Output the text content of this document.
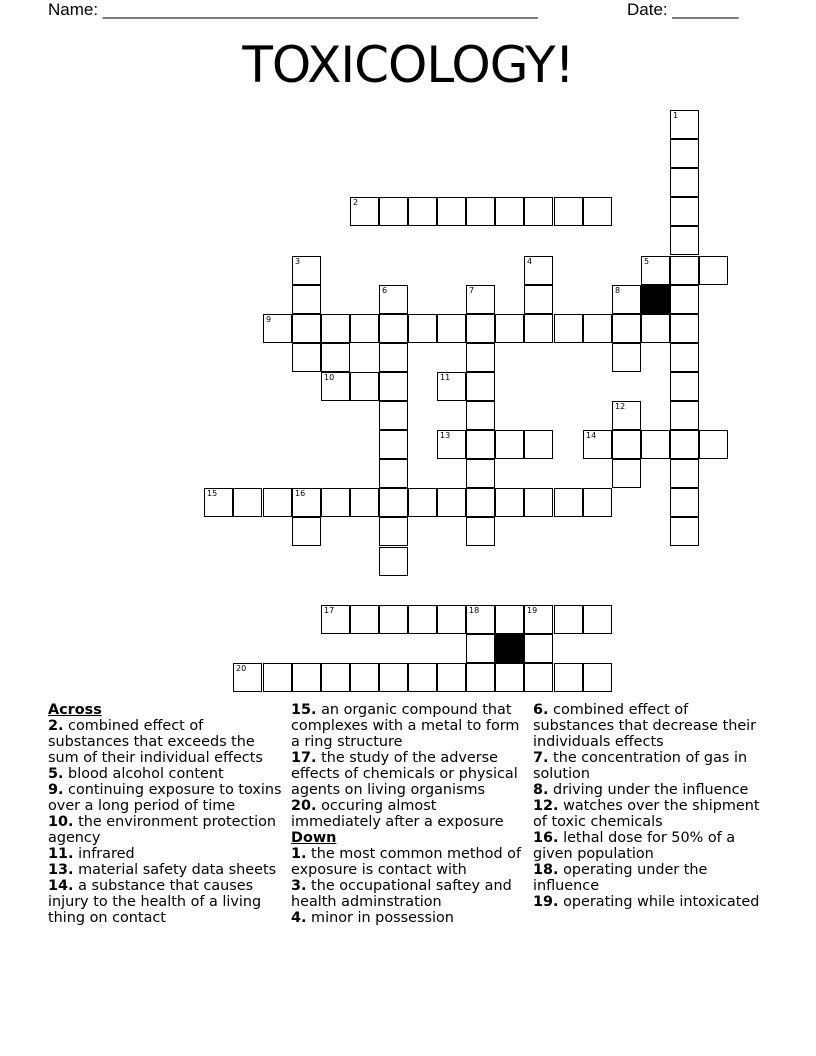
Name: ______________________________________________	Date: _______
TOXICOLOGY!
1
2
3	4	5
6	7	8
9
10	11
12
13	14
15	16
17	18	19
20

Across

2. combined effect of substances that exceeds the sum of their individual effects

5. blood alcohol content

9. continuing exposure to toxins over a long period of time

10. the environment protection agency

11. infrared

13. material safety data sheets

14. a substance that causes injury to the health of a living thing on contact

15. an organic compound that complexes with a metal to form a ring structure

17. the study of the adverse effects of chemicals or physical agents on living organisms

20. occuring almost immediately after a exposure

Down

1. the most common method of exposure is contact with

3. the occupational saftey and health adminstration

4. minor in possession

6. combined effect of substances that decrease their individuals effects

7. the concentration of gas in solution

8. driving under the influence

12. watches over the shipment of toxic chemicals

16. lethal dose for 50% of a given population

18. operating under the influence

19. operating while intoxicated
